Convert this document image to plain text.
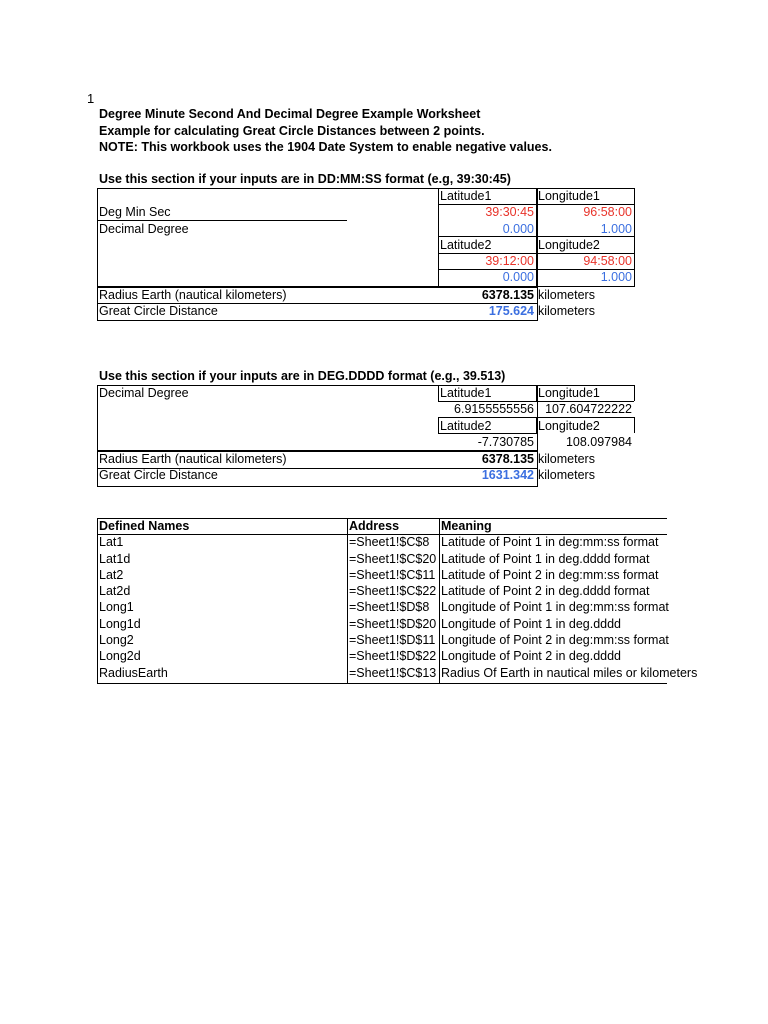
1
Degree Minute Second And Decimal Degree Example Worksheet
Example for calculating Great Circle Distances between 2 points.
NOTE: This workbook uses the 1904 Date System to enable negative values.
Use this section if your inputs are in DD:MM:SS format (e.g, 39:30:45)
Latitude1	Longitude1
Deg Min Sec	39:30:45	96:58:00
Decimal Degree	0.000	1.000
Latitude2	Longitude2
39:12:00	94:58:00
0.000	1.000
Radius Earth (nautical kilometers)	6378.135 kilometers
Great Circle Distance	175.624 kilometers
Use this section if your inputs are in DEG.DDDD format (e.g., 39.513)
Decimal Degree	Latitude1	Longitude1
6.9155555556 107.604722222
Latitude2	Longitude2
-7.730785	108.097984
Radius Earth (nautical kilometers)	6378.135 kilometers
Great Circle Distance	1631.342 kilometers
Defined Names	Address	Meaning
Lat1	=Sheet1!$C$8 Latitude of Point 1 in deg:mm:ss format
Lat1d	=Sheet1!$C$20 Latitude of Point 1 in deg.dddd format
Lat2	=Sheet1!$C$11 Latitude of Point 2 in deg:mm:ss format
Lat2d	=Sheet1!$C$22 Latitude of Point 2 in deg.dddd format
Long1	=Sheet1!$D$8 Longitude of Point 1 in deg:mm:ss format
Long1d	=Sheet1!$D$20 Longitude of Point 1 in deg.dddd
Long2	=Sheet1!$D$11 Longitude of Point 2 in deg:mm:ss format
Long2d	=Sheet1!$D$22 Longitude of Point 2 in deg.dddd
RadiusEarth	=Sheet1!$C$13 Radius Of Earth in nautical miles or kilometers
